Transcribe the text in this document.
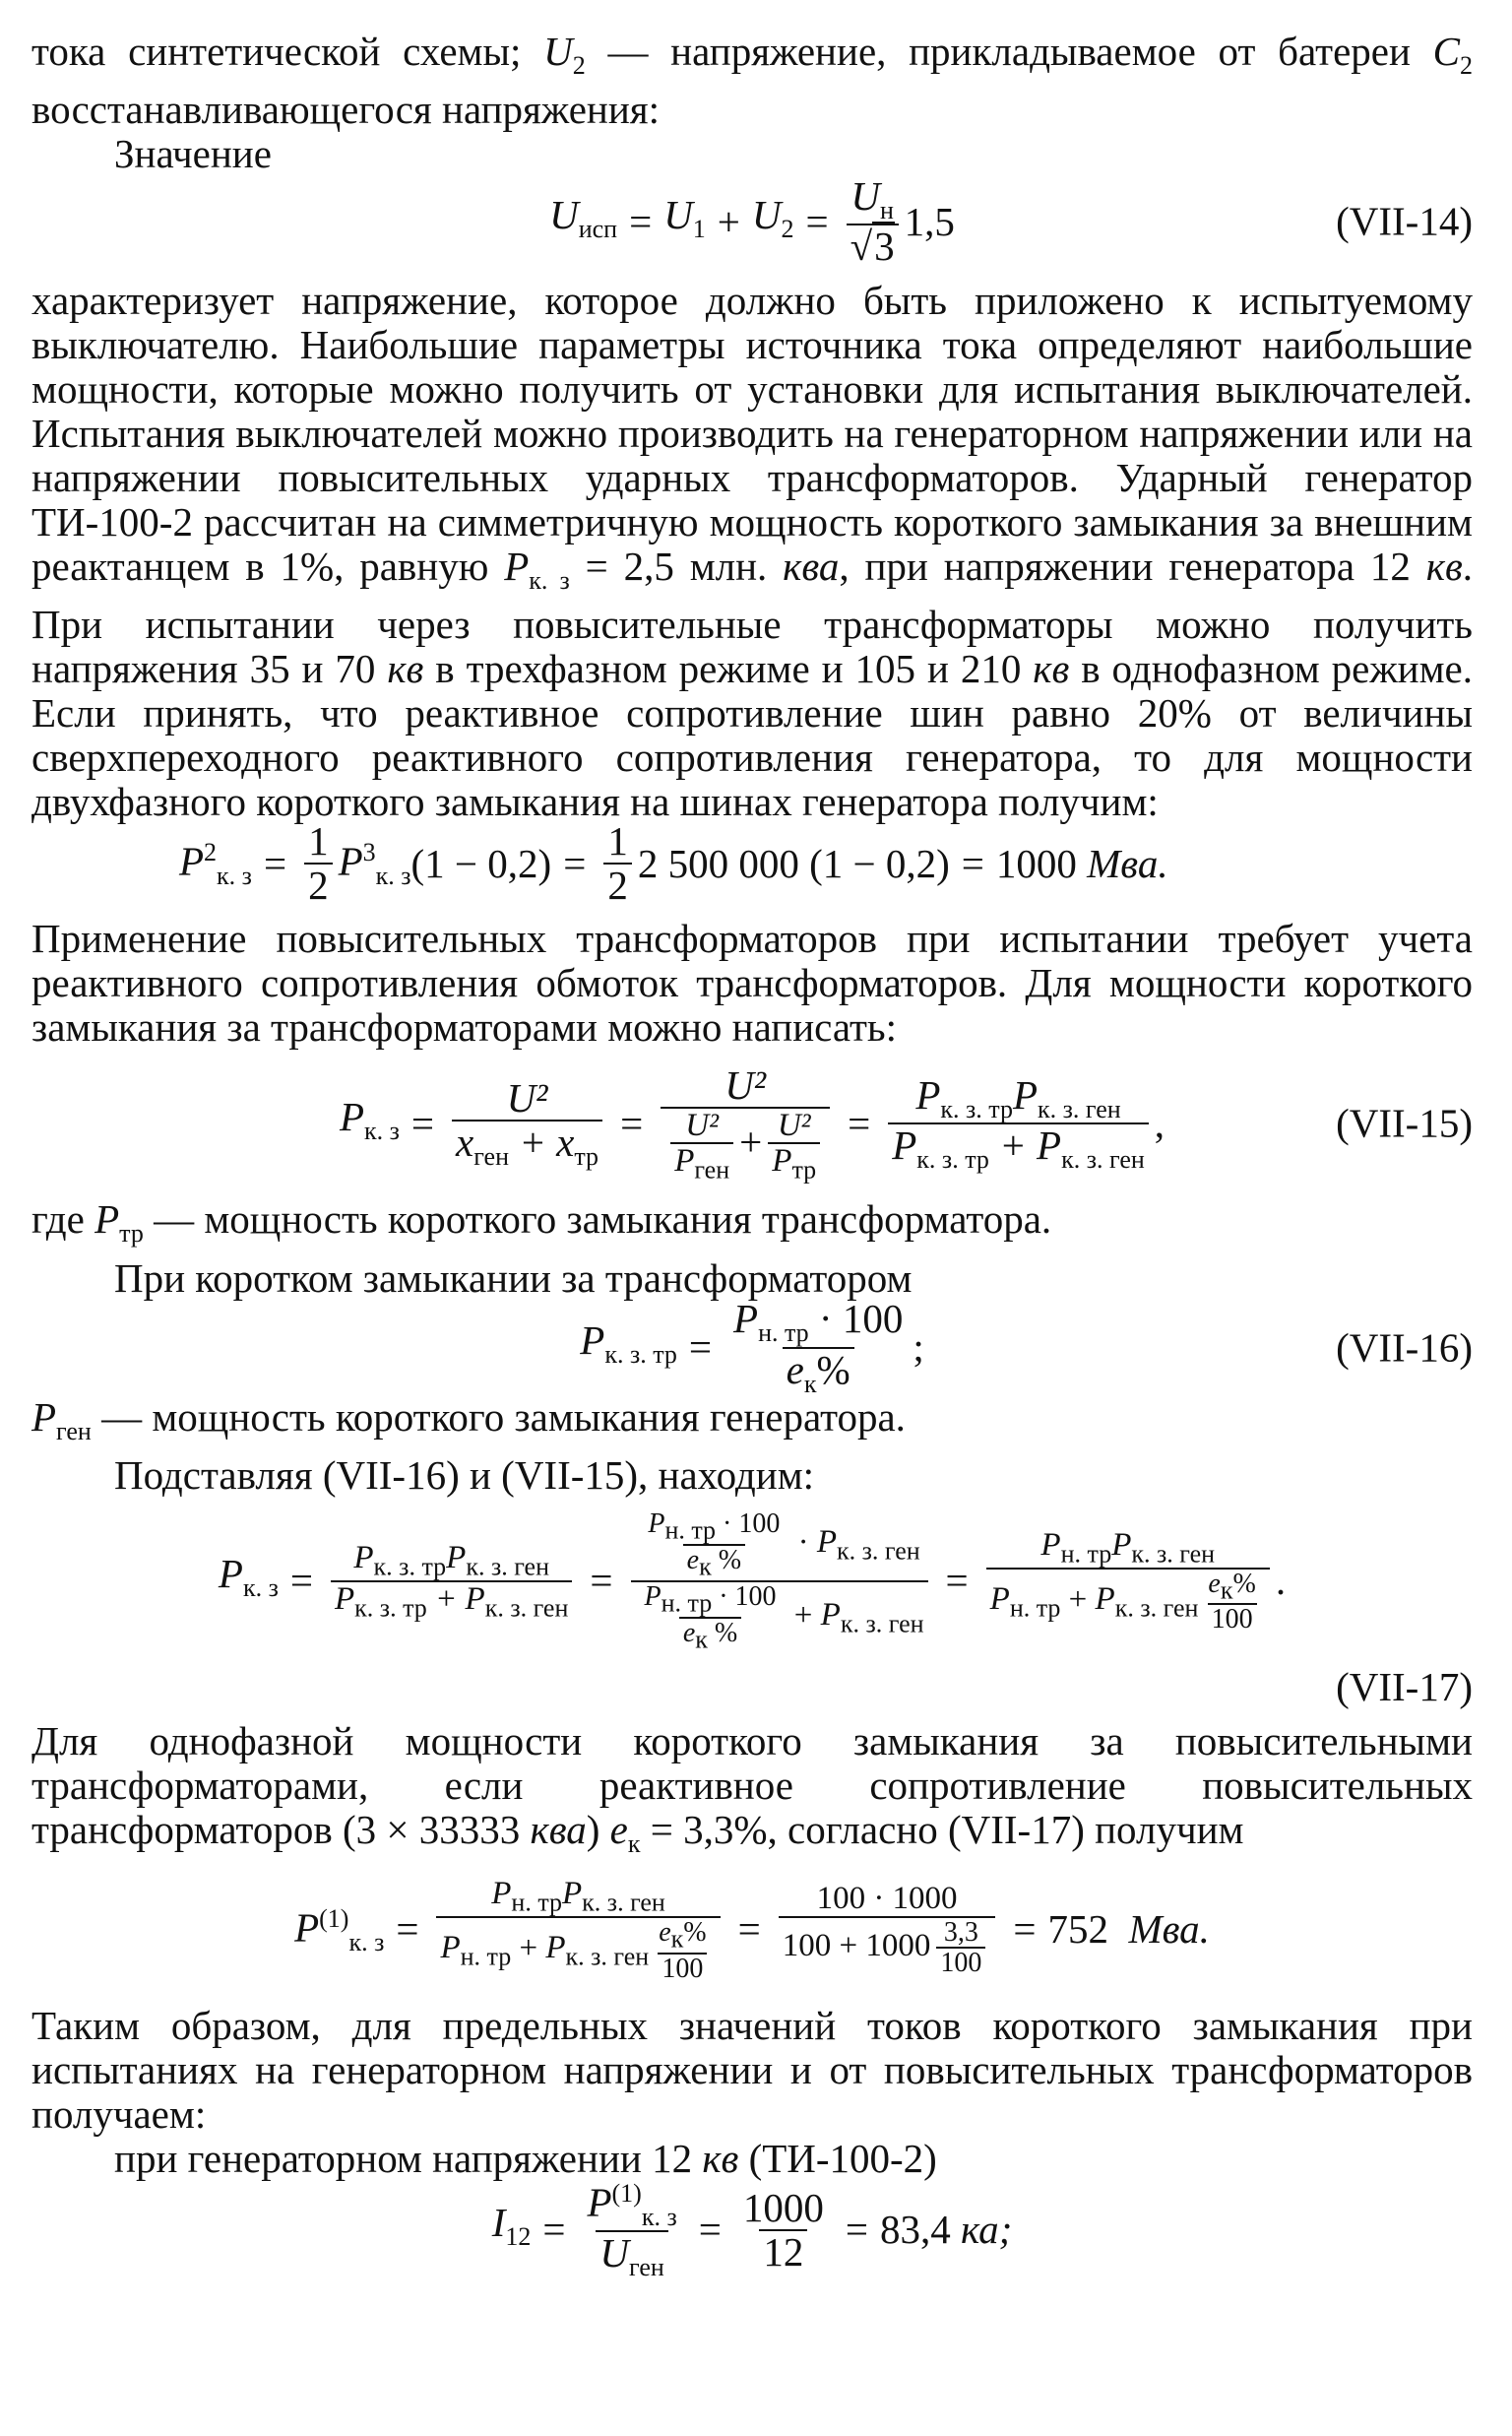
тока синтетической схемы; $U_2$ — напряжение, прикладываемое от батереи $C_2$ восстанавливающегося напряжения:

Значение

$U_{исп} = U_1 + U_2 = \frac{U_н}{√3} 1,5$	(VII-14)

характеризует напряжение, которое должно быть приложено к испытуемому выключателю. Наибольшие параметры источника тока определяют наибольшие мощности, которые можно получить от установки для испытания выключателей. Испытания выключателей можно производить на генераторном напряжении или на напряжении повысительных ударных трансформаторов. Ударный генератор ТИ-100-2 рассчитан на симметричную мощность короткого замыкания за внешним реактанцем в 1%, равную $P_{к. з} = 2,5$ млн. ква, при напряжении генератора 12 кв. При испытании через повысительные трансформаторы можно получить напряжения 35 и 70 кв в трехфазном режиме и 105 и 210 кв в однофазном режиме. Если принять, что реактивное сопротивление шин равно 20% от величины сверхпереходного реактивного сопротивления генератора, то для мощности двухфазного короткого замыкания на шинах генератора получим:

$P^2_{к. з} = \frac{1}{2} P^3_{к. з}$ $(1 - 0,2) = \frac{1}{2} 2$ 500 000 (1 − 0,2) = 1000
Мва.

Применение повысительных трансформаторов при испытании требует учета реактивного сопротивления обмоток трансформаторов. Для мощности короткого замыкания за трансформаторами можно написать:

$P_{к. з} = \frac{\text{U²}}{x_{ген} + x_{тр}} = \frac{\text{U²}}{\frac{\text{U²}}{P_{ген}} + \frac{\text{U²}}{P_{тр}}} = \frac{P_{к. з. тр}P_{к. з. ген}}{P_{к. з. тр} + P_{к. з. ген}}$ ,	(VII-15)

где $P_{тр}$ — мощность короткого замыкания трансформатора.

При коротком замыкании за трансформатором

$P_{к. з. тр} = \frac{P_{н. тр} \cdot 100}{e_к\%}$ ;	(VII-16)

$P_{ген}$ — мощность короткого замыкания генератора.

Подставляя (VII-16) и (VII-15), находим:

$P_{к. з} = \frac{P_{к. з. тр}P_{к. з. ген}}{P_{к. з. тр} + P_{к. з. ген}} = \frac{\frac{P_{н. тр} \cdot 100}{e_к \%} \cdot P_{к. з. ген}}{\frac{P_{н. тр} \cdot 100}{e_к \%} + P_{к. з. ген}} = \frac{P_{н. тр}P_{к. з. ген}}{P_{н. тр} + P_{к. з. ген} \frac{e_к\%}{100}}$ .
(VII-17)

Для однофазной мощности короткого замыкания за повысительными трансформаторами, если реактивное сопротивление повысительных трансформаторов (3 × 33333 ква) $e_к = 3,3\%$, согласно (VII-17) получим

$P^{(1)}_{к. з} = \frac{P_{н. тр}P_{к. з. ген}}{P_{н. тр} + P_{к. з. ген} \frac{e_к\%}{100}} = \frac{100 \cdot 1000}{100 + 1000 \frac{3,3}{100}} = 752$
Мва.

Таким образом, для предельных значений токов короткого замыкания при испытаниях на генераторном напряжении и от повысительных трансформаторов получаем:

при генераторном напряжении 12 кв (ТИ-100-2)

$I_{12} = \frac{P^{(1)}_{к. з}}{U_{ген}} = \frac{1000}{12} = 83,4$
ка;
